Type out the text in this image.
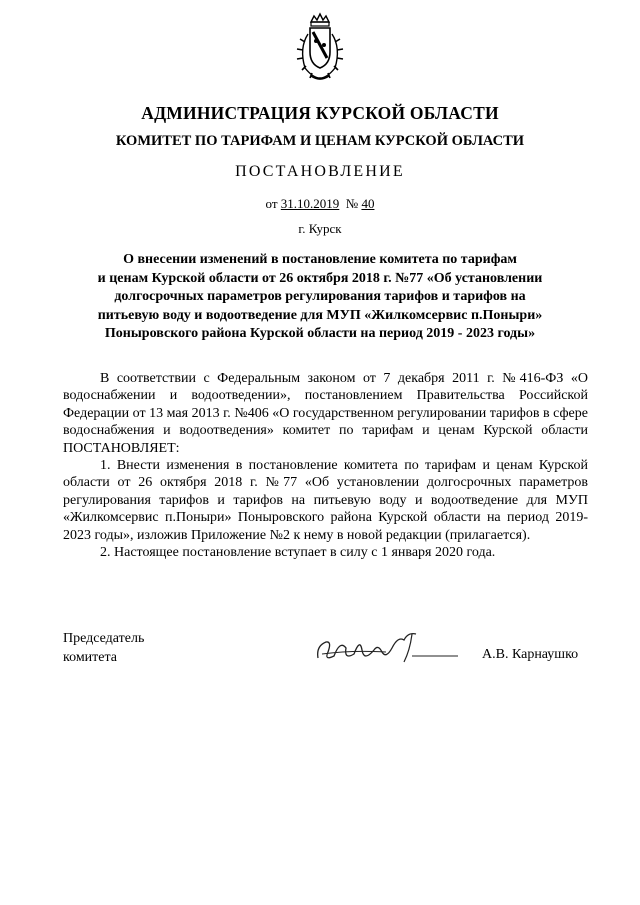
АДМИНИСТРАЦИЯ КУРСКОЙ ОБЛАСТИ
КОМИТЕТ ПО ТАРИФАМ И ЦЕНАМ КУРСКОЙ ОБЛАСТИ
ПОСТАНОВЛЕНИЕ
от 31.10.2019 № 40
г. Курск
О внесении изменений в постановление комитета по тарифам
и ценам Курской области от 26 октября 2018 г. №77 «Об установлении
долгосрочных параметров регулирования тарифов и тарифов на
питьевую воду и водоотведение для МУП «Жилкомсервис п.Поныри»
Поныровского района Курской области на период 2019 - 2023 годы»

В соответствии с Федеральным законом от 7 декабря 2011 г. №416-ФЗ «О водоснабжении и водоотведении», постановлением Правительства Российской Федерации от 13 мая 2013 г. №406 «О государственном регулировании тарифов в сфере водоснабжения и водоотведения» комитет по тарифам и ценам Курской области ПОСТАНОВЛЯЕТ:

1. Внести изменения в постановление комитета по тарифам и ценам Курской области от 26 октября 2018 г. №77 «Об установлении долгосрочных параметров регулирования тарифов и тарифов на питьевую воду и водоотведение для МУП «Жилкомсервис п.Поныри» Поныровского района Курской области на период 2019-2023 годы», изложив Приложение №2 к нему в новой редакции (прилагается).

2. Настоящее постановление вступает в силу с 1 января 2020 года.

Председатель
комитета	А.В. Карнаушко
